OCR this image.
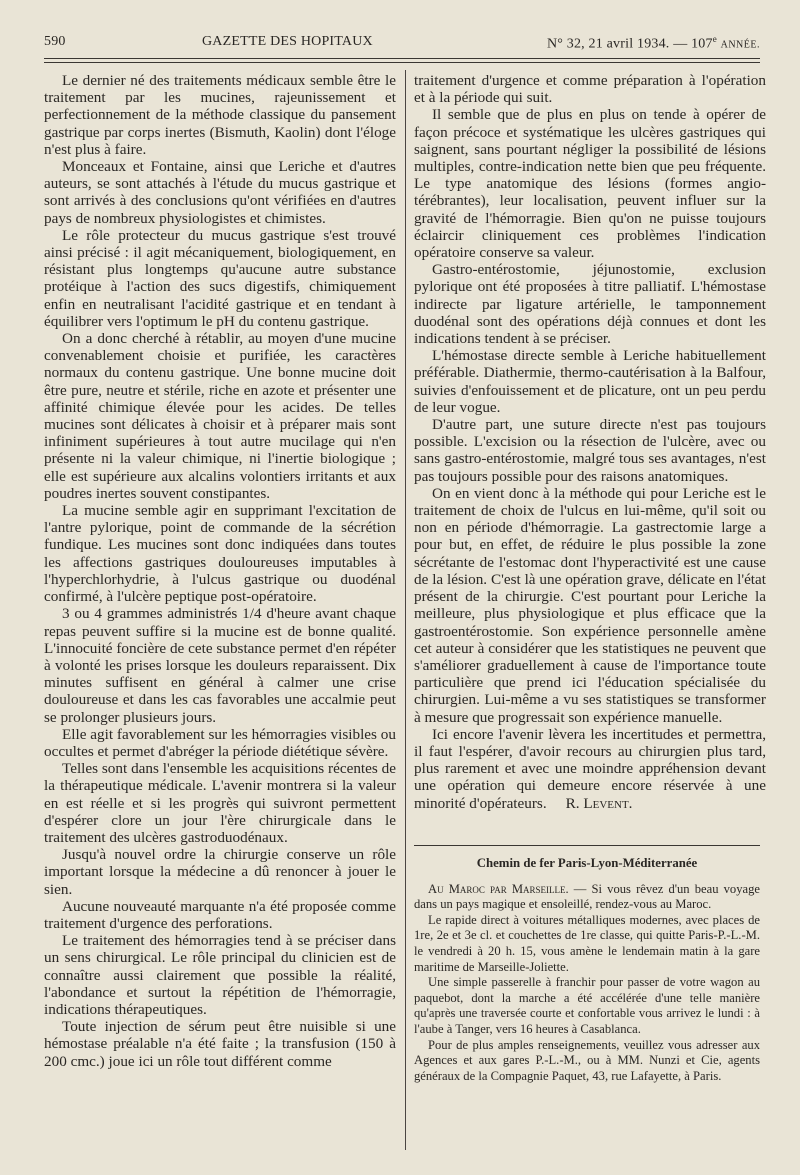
590	GAZETTE DES HOPITAUX	N° 32, 21 avril 1934. — 107e ANNÉE.

Le dernier né des traitements médicaux semble être le traitement par les mucines, rajeunissement et perfectionnement de la méthode classique du pansement gastrique par corps inertes (Bismuth, Kaolin) dont l'éloge n'est plus à faire.

Monceaux et Fontaine, ainsi que Leriche et d'autres auteurs, se sont attachés à l'étude du mucus gastrique et sont arrivés à des conclusions qu'ont vérifiées en d'autres pays de nombreux physiologistes et chimistes.

Le rôle protecteur du mucus gastrique s'est trouvé ainsi précisé : il agit mécaniquement, biologiquement, en résistant plus longtemps qu'aucune autre substance protéique à l'action des sucs digestifs, chimiquement enfin en neutralisant l'acidité gastrique et en tendant à équilibrer vers l'optimum le pH du contenu gastrique.

On a donc cherché à rétablir, au moyen d'une mucine convenablement choisie et purifiée, les caractères normaux du contenu gastrique. Une bonne mucine doit être pure, neutre et stérile, riche en azote et présenter une affinité chimique élevée pour les acides. De telles mucines sont délicates à choisir et à préparer mais sont infiniment supérieures à tout autre mucilage qui n'en présente ni la valeur chimique, ni l'inertie biologique ; elle est supérieure aux alcalins volontiers irritants et aux poudres inertes souvent constipantes.

La mucine semble agir en supprimant l'excitation de l'antre pylorique, point de commande de la sécrétion fundique. Les mucines sont donc indiquées dans toutes les affections gastriques douloureuses imputables à l'hyperchlorhydrie, à l'ulcus gastrique ou duodénal confirmé, à l'ulcère peptique post-opératoire.

3 ou 4 grammes administrés 1/4 d'heure avant chaque repas peuvent suffire si la mucine est de bonne qualité. L'innocuité foncière de cete substance permet d'en répéter à volonté les prises lorsque les douleurs reparaissent. Dix minutes suffisent en général à calmer une crise douloureuse et dans les cas favorables une accalmie peut se prolonger plusieurs jours.

Elle agit favorablement sur les hémorragies visibles ou occultes et permet d'abréger la période diététique sévère.

Telles sont dans l'ensemble les acquisitions récentes de la thérapeutique médicale. L'avenir montrera si la valeur en est réelle et si les progrès qui suivront permettent d'espérer clore un jour l'ère chirurgicale dans le traitement des ulcères gastroduodénaux.

Jusqu'à nouvel ordre la chirurgie conserve un rôle important lorsque la médecine a dû renoncer à jouer le sien.

Aucune nouveauté marquante n'a été proposée comme traitement d'urgence des perforations.

Le traitement des hémorragies tend à se préciser dans un sens chirurgical. Le rôle principal du clinicien est de connaître aussi clairement que possible la réalité, l'abondance et surtout la répétition de l'hémorragie, indications thérapeutiques.

Toute injection de sérum peut être nuisible si une hémostase préalable n'a été faite ; la transfusion (150 à 200 cmc.) joue ici un rôle tout différent comme

traitement d'urgence et comme préparation à l'opération et à la période qui suit.

Il semble que de plus en plus on tende à opérer de façon précoce et systématique les ulcères gastriques qui saignent, sans pourtant négliger la possibilité de lésions multiples, contre-indication nette bien que peu fréquente. Le type anatomique des lésions (formes angio-térébrantes), leur localisation, peuvent influer sur la gravité de l'hémorragie. Bien qu'on ne puisse toujours éclaircir cliniquement ces problèmes l'indication opératoire conserve sa valeur.

Gastro-entérostomie, jéjunostomie, exclusion pylorique ont été proposées à titre palliatif. L'hémostase indirecte par ligature artérielle, le tamponnement duodénal sont des opérations déjà connues et dont les indications tendent à se préciser.

L'hémostase directe semble à Leriche habituellement préférable. Diathermie, thermo-cautérisation à la Balfour, suivies d'enfouissement et de plicature, ont un peu perdu de leur vogue.

D'autre part, une suture directe n'est pas toujours possible. L'excision ou la résection de l'ulcère, avec ou sans gastro-entérostomie, malgré tous ses avantages, n'est pas toujours possible pour des raisons anatomiques.

On en vient donc à la méthode qui pour Leriche est le traitement de choix de l'ulcus en lui-même, qu'il soit ou non en période d'hémorragie. La gastrectomie large a pour but, en effet, de réduire le plus possible la zone sécrétante de l'estomac dont l'hyperactivité est une cause de la lésion. C'est là une opération grave, délicate en l'état présent de la chirurgie. C'est pourtant pour Leriche la meilleure, plus physiologique et plus efficace que la gastroentérostomie. Son expérience personnelle amène cet auteur à considérer que les statistiques ne peuvent que s'améliorer graduellement à cause de l'importance toute particulière que prend ici l'éducation spécialisée du chirurgien. Lui-même a vu ses statistiques se transformer à mesure que progressait son expérience manuelle.

Ici encore l'avenir lèvera les incertitudes et permettra, il faut l'espérer, d'avoir recours au chirurgien plus tard, plus rarement et avec une moindre appréhension devant une opération qui demeure encore réservée à une minorité d'opérateurs. R. Levent.

Chemin de fer Paris-Lyon-Méditerranée

Au Maroc par Marseille. — Si vous rêvez d'un beau voyage dans un pays magique et ensoleillé, rendez-vous au Maroc.

Le rapide direct à voitures métalliques modernes, avec places de 1re, 2e et 3e cl. et couchettes de 1re classe, qui quitte Paris-P.-L.-M. le vendredi à 20 h. 15, vous amène le lendemain matin à la gare maritime de Marseille-Joliette.

Une simple passerelle à franchir pour passer de votre wagon au paquebot, dont la marche a été accélérée d'une telle manière qu'après une traversée courte et confortable vous arrivez le lundi : à l'aube à Tanger, vers 16 heures à Casablanca.

Pour de plus amples renseignements, veuillez vous adresser aux Agences et aux gares P.-L.-M., ou à MM. Nunzi et Cie, agents généraux de la Compagnie Paquet, 43, rue Lafayette, à Paris.
